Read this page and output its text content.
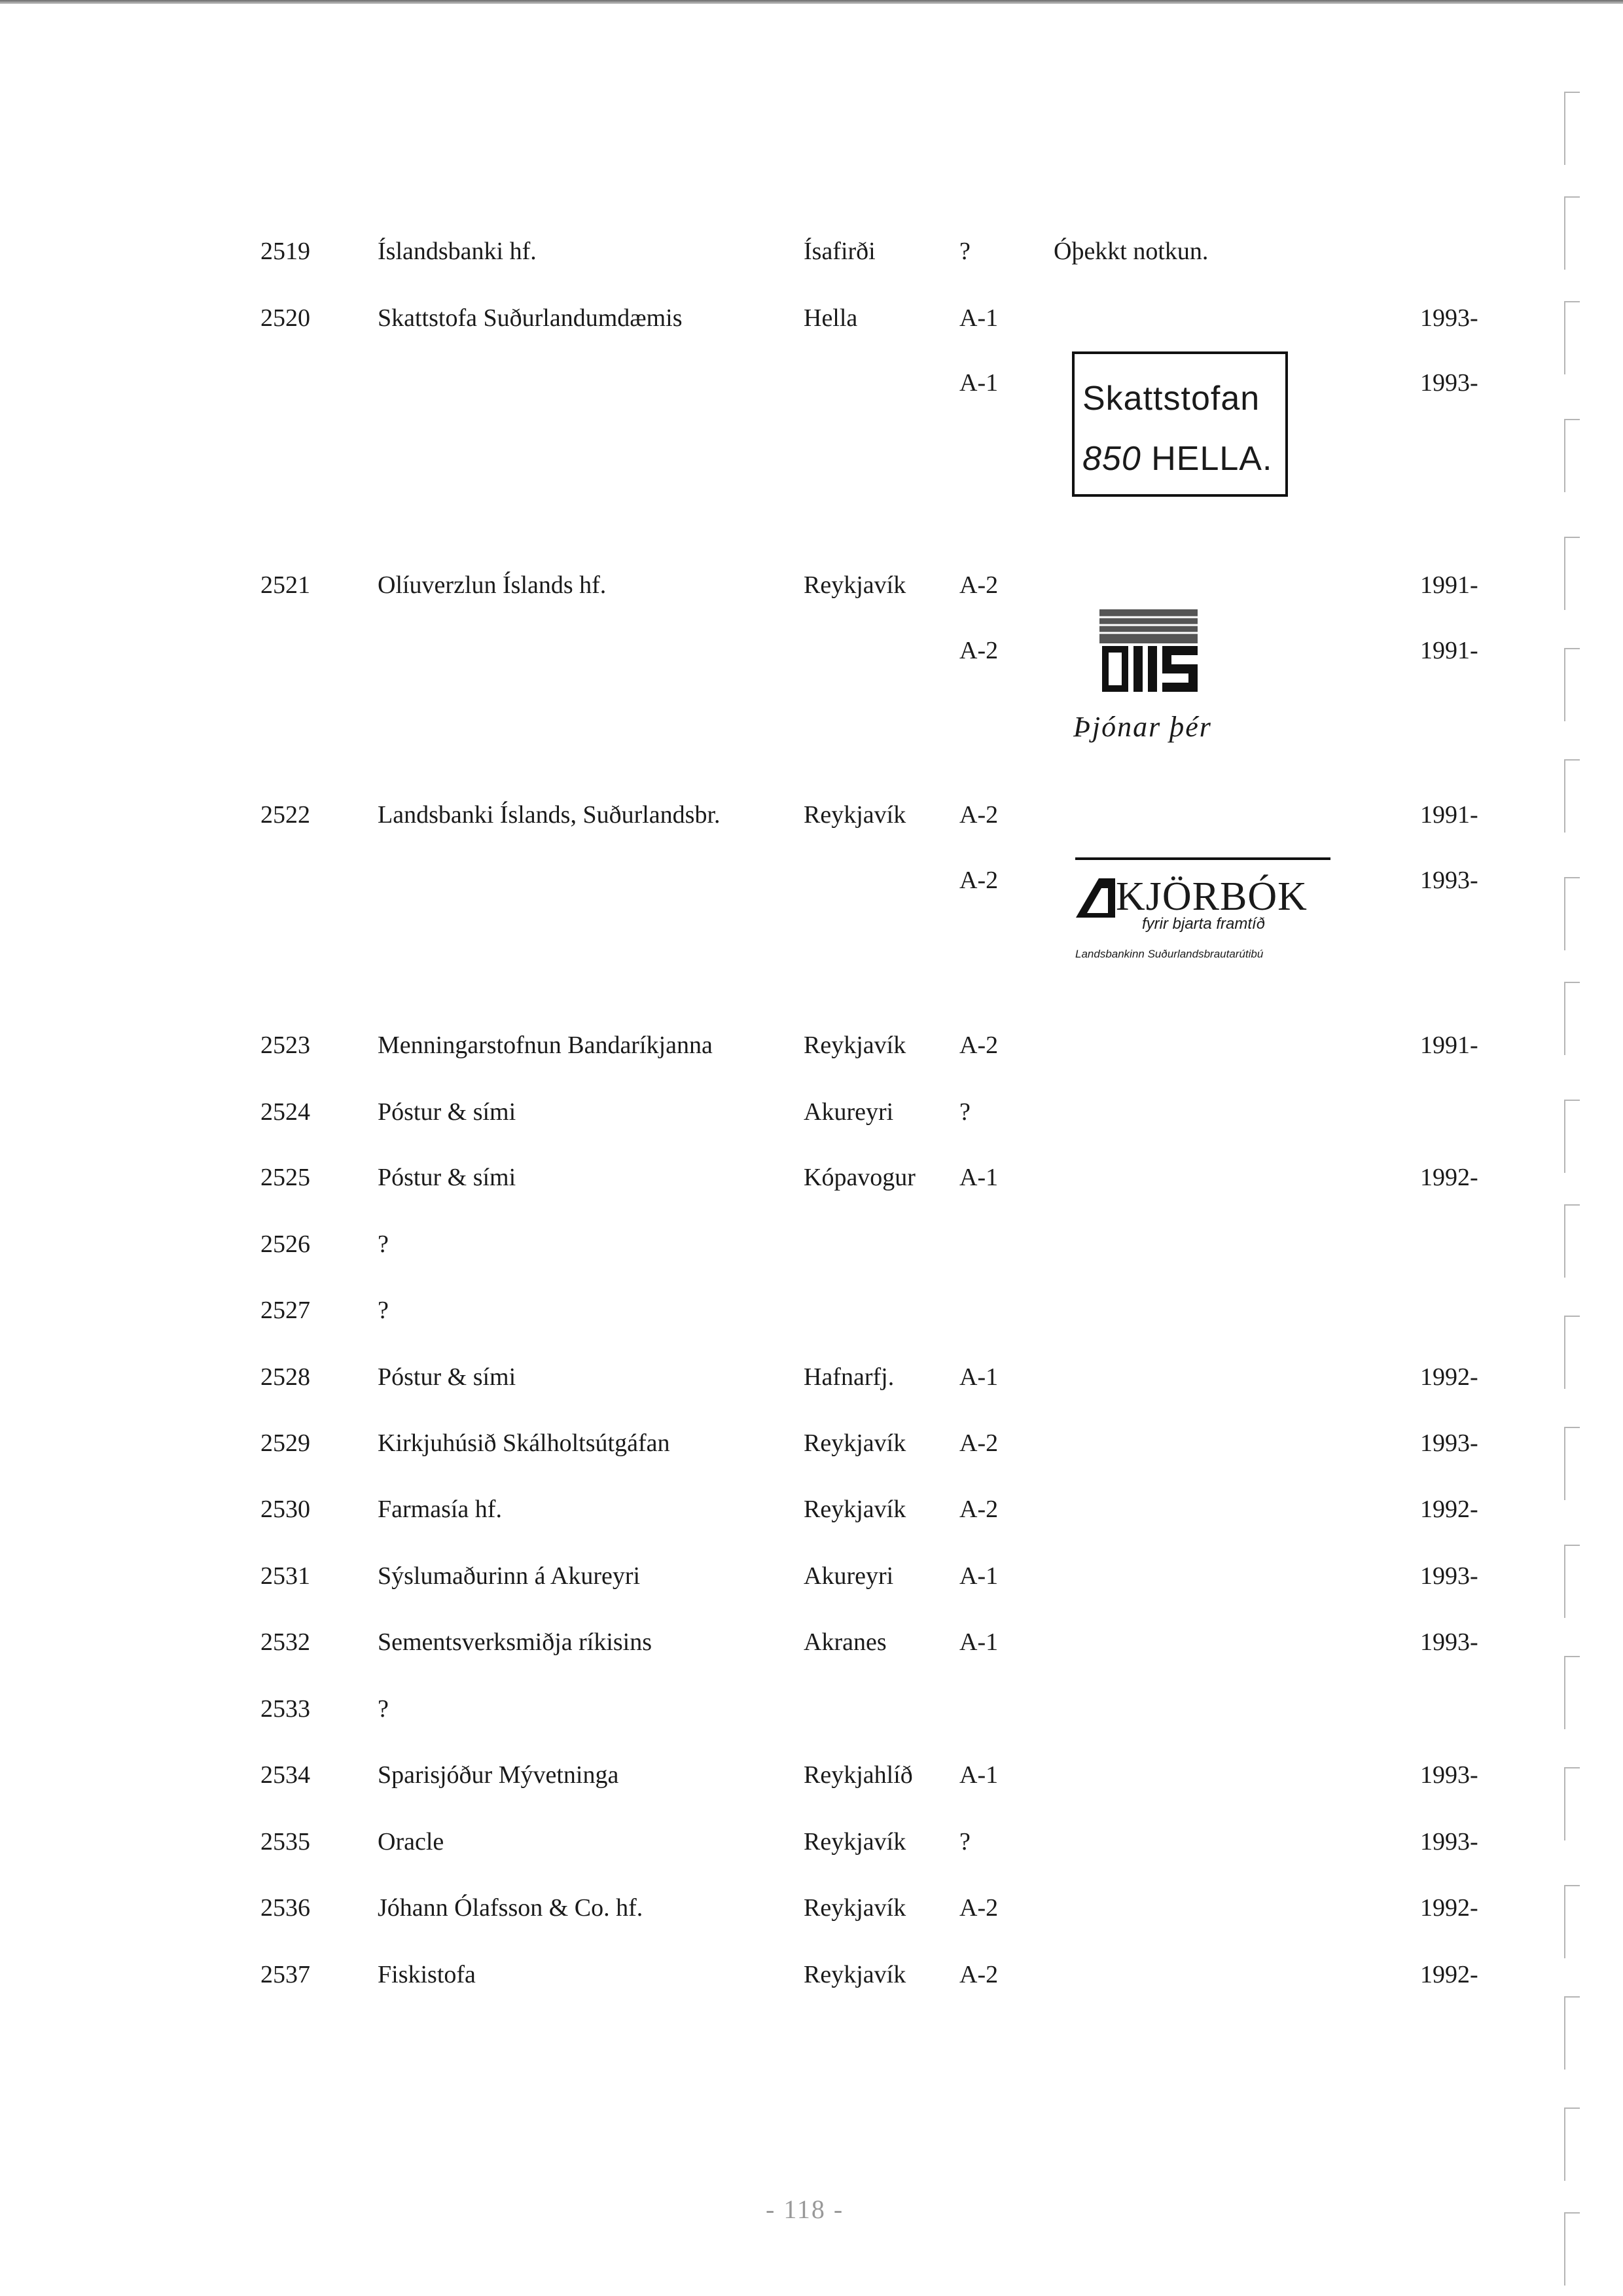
2519	Íslandsbanki hf.	Ísafirði	?	Óþekkt notkun.
2520	Skattstofa Suðurlandumdæmis	Hella	A-1	1993-
A-1	1993-
2521	Olíuverzlun Íslands hf.	Reykjavík A-2	1991-
A-2	1991-
2522	Landsbanki Íslands, Suðurlandsbr.	Reykjavík A-2	1991-
A-2	1993-
2523	Menningarstofnun Bandaríkjanna	Reykjavík A-2	1991-
2524	Póstur & sími	Akureyri	?
2525	Póstur & sími	Kópavogur A-1	1992-
2526	?
2527	?
2528	Póstur & sími	Hafnarfj.	A-1	1992-
2529	Kirkjuhúsið Skálholtsútgáfan	Reykjavík A-2	1993-
2530	Farmasía hf.	Reykjavík A-2	1992-
2531	Sýslumaðurinn á Akureyri	Akureyri	A-1	1993-
2532	Sementsverksmiðja ríkisins	Akranes	A-1	1993-
2533	?
2534	Sparisjóður Mývetninga	Reykjahlíð A-1	1993-
2535	Oracle	Reykjavík ?	1993-
2536	Jóhann Ólafsson & Co. hf.	Reykjavík A-2	1992-
2537	Fiskistofa	Reykjavík A-2	1992-
Skattstofan
850 HELLA.
Þjónar þér
KJÖRBÓK
fyrir bjarta framtíð
Landsbankinn Suðurlandsbrautarútibú
- 118 -
